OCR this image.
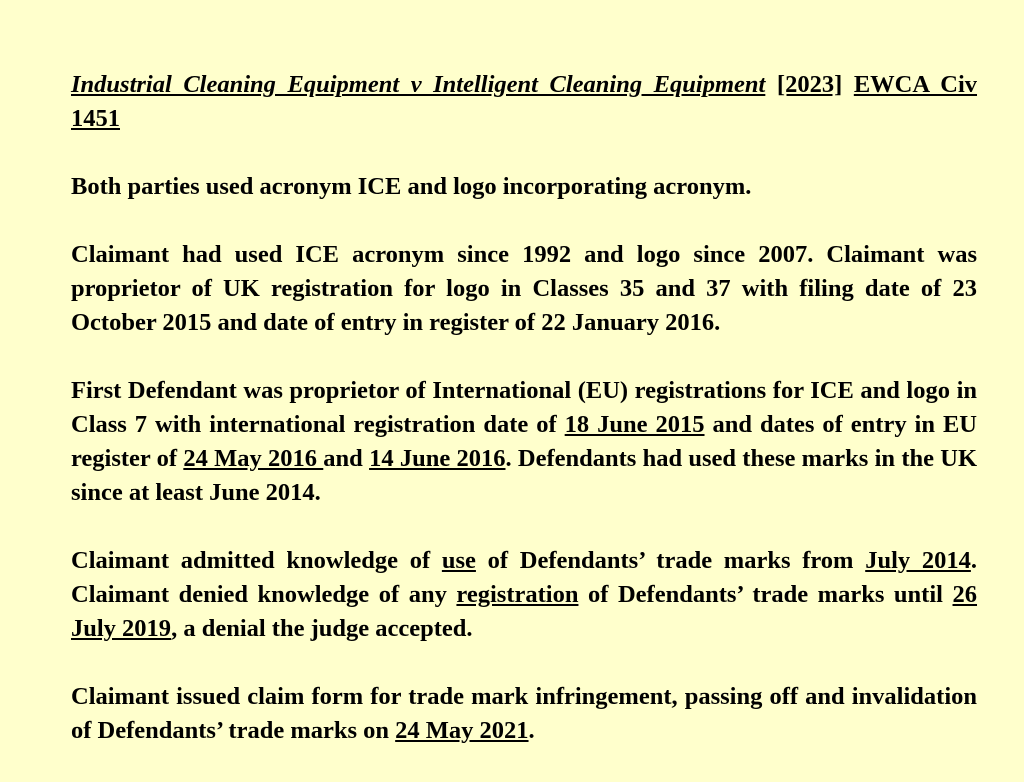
Industrial Cleaning Equipment v Intelligent Cleaning Equipment [2023] EWCA Civ 1451

Both parties used acronym ICE and logo incorporating acronym.

Claimant had used ICE acronym since 1992 and logo since 2007. Claimant was proprietor of UK registration for logo in Classes 35 and 37 with filing date of 23 October 2015 and date of entry in register of 22 January 2016.

First Defendant was proprietor of International (EU) registrations for ICE and logo in Class 7 with international registration date of 18 June 2015 and dates of entry in EU register of 24 May 2016 and 14 June 2016. Defendants had used these marks in the UK since at least June 2014.

Claimant admitted knowledge of use of Defendants’ trade marks from July 2014. Claimant denied knowledge of any registration of Defendants’ trade marks until 26 July 2019, a denial the judge accepted.

Claimant issued claim form for trade mark infringement, passing off and invalidation of Defendants’ trade marks on 24 May 2021.
